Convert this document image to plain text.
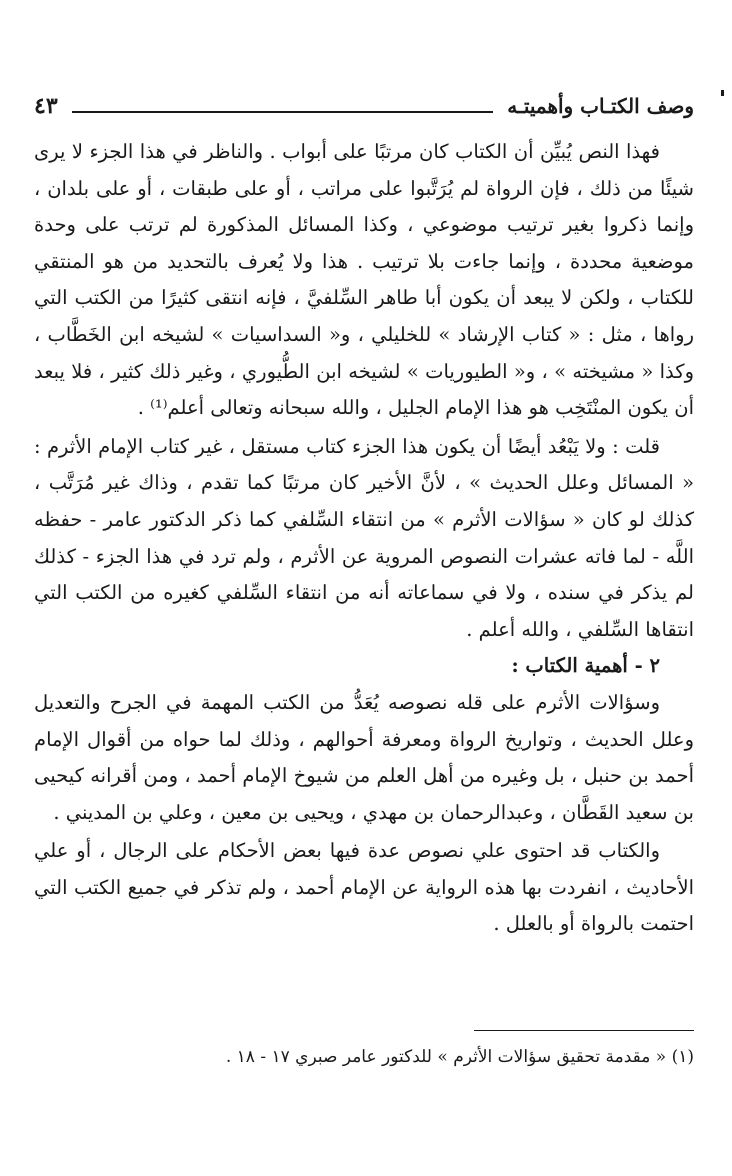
وصف الكتـاب وأهميتـه
٤٣

فهذا النص يُبيِّن أن الكتاب كان مرتبًا على أبواب . والناظر في هذا الجزء لا يرى شيئًا من ذلك ، فإن الرواة لم يُرَتَّبوا على مراتب ، أو على طبقات ، أو على بلدان ، وإنما ذكروا بغير ترتيب موضوعي ، وكذا المسائل المذكورة لم ترتب على وحدة موضعية محددة ، وإنما جاءت بلا ترتيب . هذا ولا يُعرف بالتحديد من هو المنتقي للكتاب ، ولكن لا يبعد أن يكون أبا طاهر السِّلفيَّ ، فإنه انتقى كثيرًا من الكتب التي رواها ، مثل : « كتاب الإرشاد » للخليلي ، و« السداسيات » لشيخه ابن الخَطَّاب ، وكذا « مشيخته » ، و« الطيوريات » لشيخه ابن الطُّيوري ، وغير ذلك كثير ، فلا يبعد أن يكون المنْتَخِب هو هذا الإمام الجليل ، والله سبحانه وتعالى أعلم⁽¹⁾ .

قلت : ولا يَبْعُد أيضًا أن يكون هذا الجزء كتاب مستقل ، غير كتاب الإمام الأثرم : « المسائل وعلل الحديث » ، لأنَّ الأخير كان مرتبًا كما تقدم ، وذاك غير مُرَتَّب ، كذلك لو كان « سؤالات الأثرم » من انتقاء السِّلفي كما ذكر الدكتور عامر - حفظه اللَّه - لما فاته عشرات النصوص المروية عن الأثرم ، ولم ترد في هذا الجزء - كذلك لم يذكر في سنده ، ولا في سماعاته أنه من انتقاء السِّلفي كغيره من الكتب التي انتقاها السِّلفي ، والله أعلم .

٢ - أهمية الكتاب :

وسؤالات الأثرم على قله نصوصه يُعَدُّ من الكتب المهمة في الجرح والتعديل وعلل الحديث ، وتواريخ الرواة ومعرفة أحوالهم ، وذلك لما حواه من أقوال الإمام أحمد بن حنبل ، بل وغيره من أهل العلم من شيوخ الإمام أحمد ، ومن أقرانه كيحيى بن سعيد القَطَّان ، وعبدالرحمان بن مهدي ، ويحيى بن معين ، وعلي بن المديني .

والكتاب قد احتوى علي نصوص عدة فيها بعض الأحكام على الرجال ، أو علي الأحاديث ، انفردت بها هذه الرواية عن الإمام أحمد ، ولم تذكر في جميع الكتب التي احتمت بالرواة أو بالعلل .

(١) « مقدمة تحقيق سؤالات الأثرم » للدكتور عامر صبري ١٧ - ١٨ .
